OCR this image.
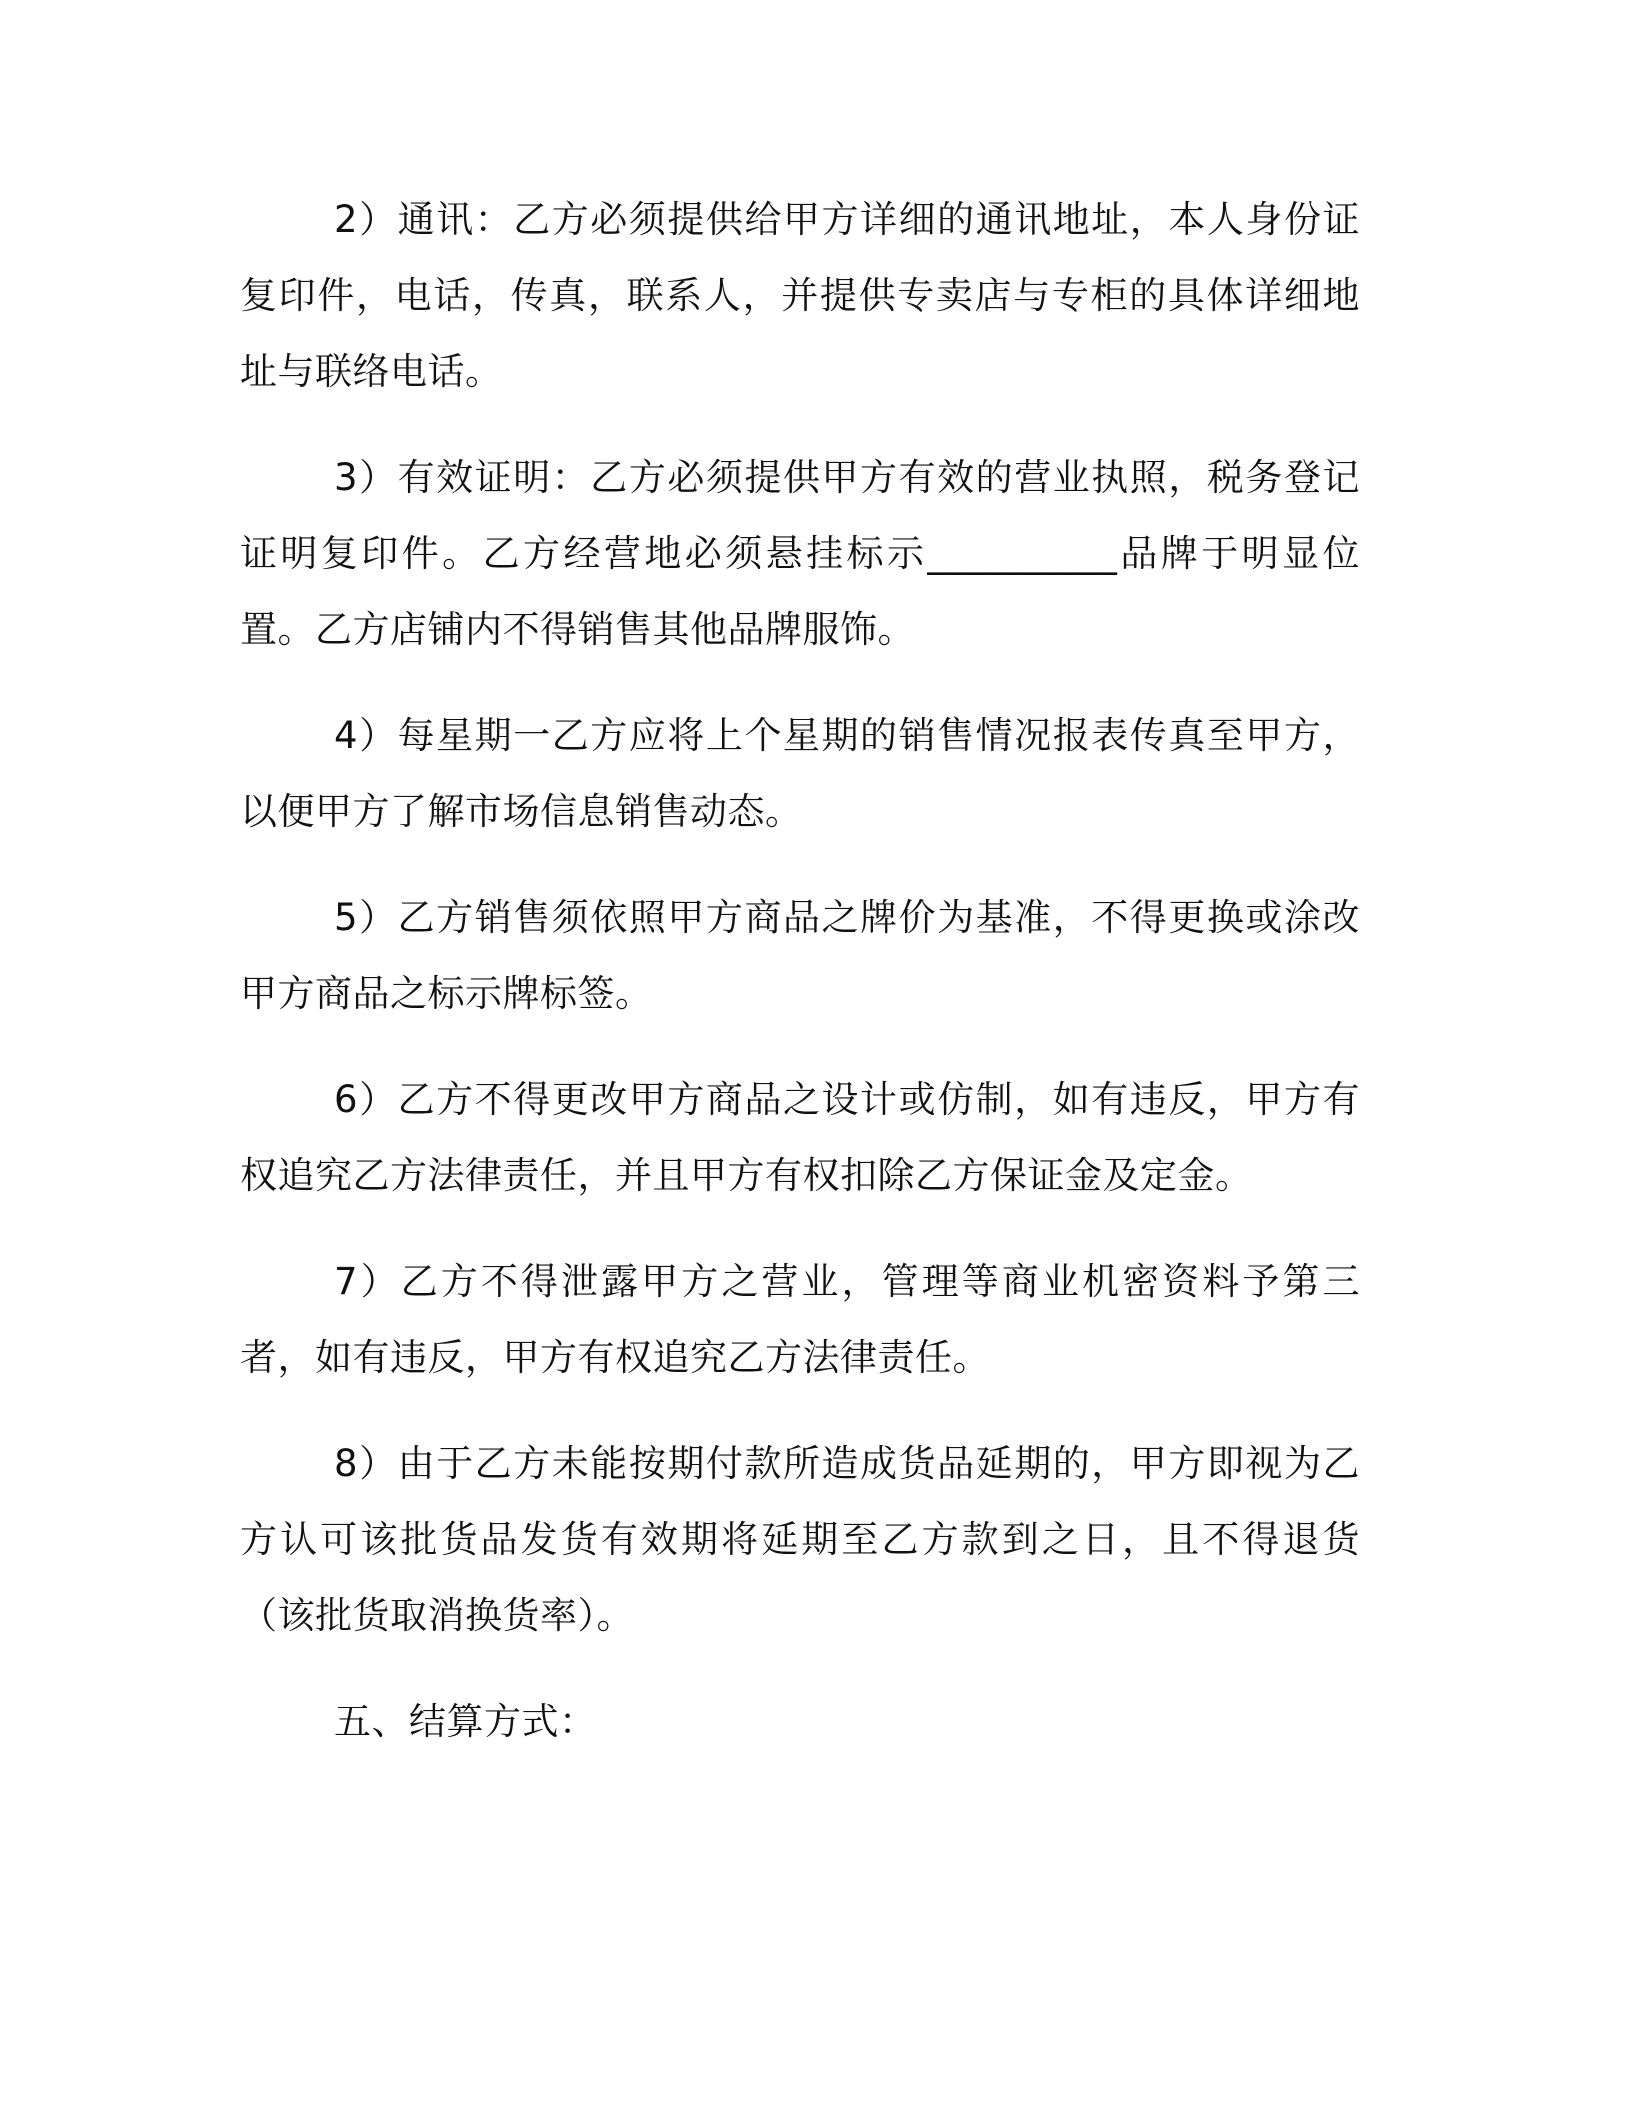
2）通讯：乙方必须提供给甲方详细的通讯地址，本人身份证复印件，电话，传真，联系人，并提供专卖店与专柜的具体详细地址与联络电话。

3）有效证明：乙方必须提供甲方有效的营业执照，税务登记证明复印件。乙方经营地必须悬挂标示__________品牌于明显位置。乙方店铺内不得销售其他品牌服饰。

4）每星期一乙方应将上个星期的销售情况报表传真至甲方，以便甲方了解市场信息销售动态。

5）乙方销售须依照甲方商品之牌价为基准，不得更换或涂改甲方商品之标示牌标签。

6）乙方不得更改甲方商品之设计或仿制，如有违反，甲方有权追究乙方法律责任，并且甲方有权扣除乙方保证金及定金。

7）乙方不得泄露甲方之营业，管理等商业机密资料予第三者，如有违反，甲方有权追究乙方法律责任。

8）由于乙方未能按期付款所造成货品延期的，甲方即视为乙方认可该批货品发货有效期将延期至乙方款到之日，且不得退货（该批货取消换货率）。

五、结算方式：
